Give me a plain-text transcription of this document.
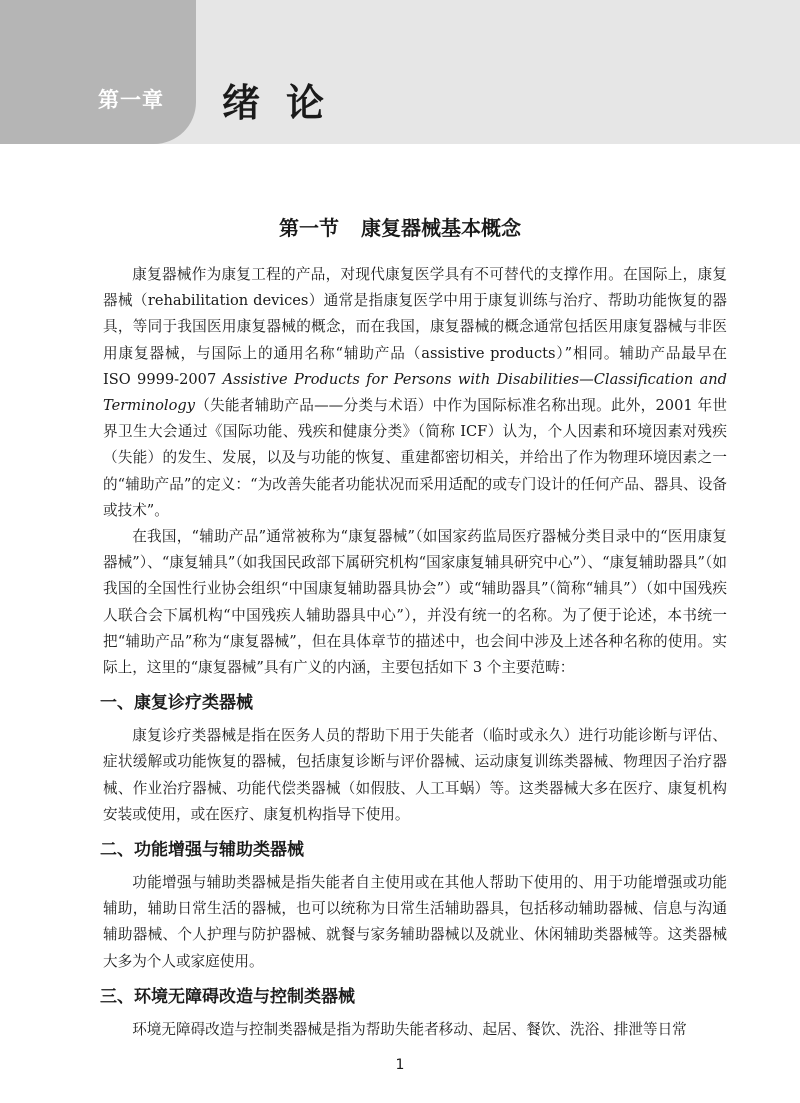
第一章 绪论
第一节 康复器械基本概念

康复器械作为康复工程的产品，对现代康复医学具有不可替代的支撑作用。在国际上，康复器械（rehabilitation devices）通常是指康复医学中用于康复训练与治疗、帮助功能恢复的器具，等同于我国医用康复器械的概念，而在我国，康复器械的概念通常包括医用康复器械与非医用康复器械，与国际上的通用名称“辅助产品（assistive products）”相同。辅助产品最早在 ISO 9999-2007 Assistive Products for Persons with Disabilities—Classification and Terminology（失能者辅助产品——分类与术语）中作为国际标准名称出现。此外，2001 年世界卫生大会通过《国际功能、残疾和健康分类》（简称 ICF）认为，个人因素和环境因素对残疾（失能）的发生、发展，以及与功能的恢复、重建都密切相关，并给出了作为物理环境因素之一的“辅助产品”的定义：“为改善失能者功能状况而采用适配的或专门设计的任何产品、器具、设备或技术”。

在我国，“辅助产品”通常被称为“康复器械”（如国家药监局医疗器械分类目录中的“医用康复器械”）、“康复辅具”（如我国民政部下属研究机构“国家康复辅具研究中心”）、“康复辅助器具”（如我国的全国性行业协会组织“中国康复辅助器具协会”）或“辅助器具”（简称“辅具”）（如中国残疾人联合会下属机构“中国残疾人辅助器具中心”），并没有统一的名称。为了便于论述，本书统一把“辅助产品”称为“康复器械”，但在具体章节的描述中，也会间中涉及上述各种名称的使用。实际上，这里的“康复器械”具有广义的内涵，主要包括如下 3 个主要范畴：

一、康复诊疗类器械

康复诊疗类器械是指在医务人员的帮助下用于失能者（临时或永久）进行功能诊断与评估、症状缓解或功能恢复的器械，包括康复诊断与评价器械、运动康复训练类器械、物理因子治疗器械、作业治疗器械、功能代偿类器械（如假肢、人工耳蜗）等。这类器械大多在医疗、康复机构安装或使用，或在医疗、康复机构指导下使用。

二、功能增强与辅助类器械

功能增强与辅助类器械是指失能者自主使用或在其他人帮助下使用的、用于功能增强或功能辅助，辅助日常生活的器械，也可以统称为日常生活辅助器具，包括移动辅助器械、信息与沟通辅助器械、个人护理与防护器械、就餐与家务辅助器械以及就业、休闲辅助类器械等。这类器械大多为个人或家庭使用。

三、环境无障碍改造与控制类器械

环境无障碍改造与控制类器械是指为帮助失能者移动、起居、餐饮、洗浴、排泄等日常

1
